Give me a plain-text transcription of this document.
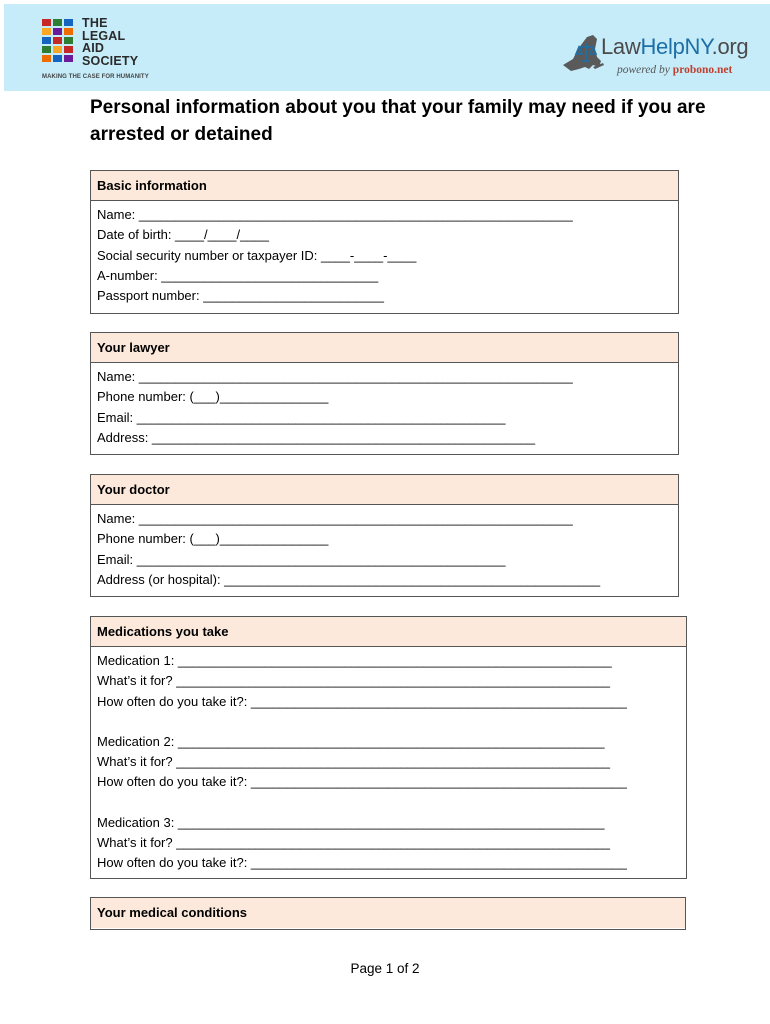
THE
LEGAL
AID
SOCIETY
MAKING THE CASE FOR HUMANITY
LawHelpNY.org
powered by probono.net
Personal information about you that your family may need if you are arrested or detained
Basic information
Name: ____________________________________________________________
Date of birth: ____/____/____
Social security number or taxpayer ID: ____-____-____
A-number: ______________________________
Passport number: _________________________
Your lawyer
Name: ____________________________________________________________
Phone number: (___)_______________
Email: ___________________________________________________
Address: _____________________________________________________
Your doctor
Name: ____________________________________________________________
Phone number: (___)_______________
Email: ___________________________________________________
Address (or hospital): ____________________________________________________
Medications you take
Medication 1: ____________________________________________________________
What’s it for? ____________________________________________________________
How often do you take it?: ____________________________________________________
Medication 2: ___________________________________________________________
What’s it for? ____________________________________________________________
How often do you take it?: ____________________________________________________
Medication 3: ___________________________________________________________
What’s it for? ____________________________________________________________
How often do you take it?: ____________________________________________________
Your medical conditions
Page 1 of 2
